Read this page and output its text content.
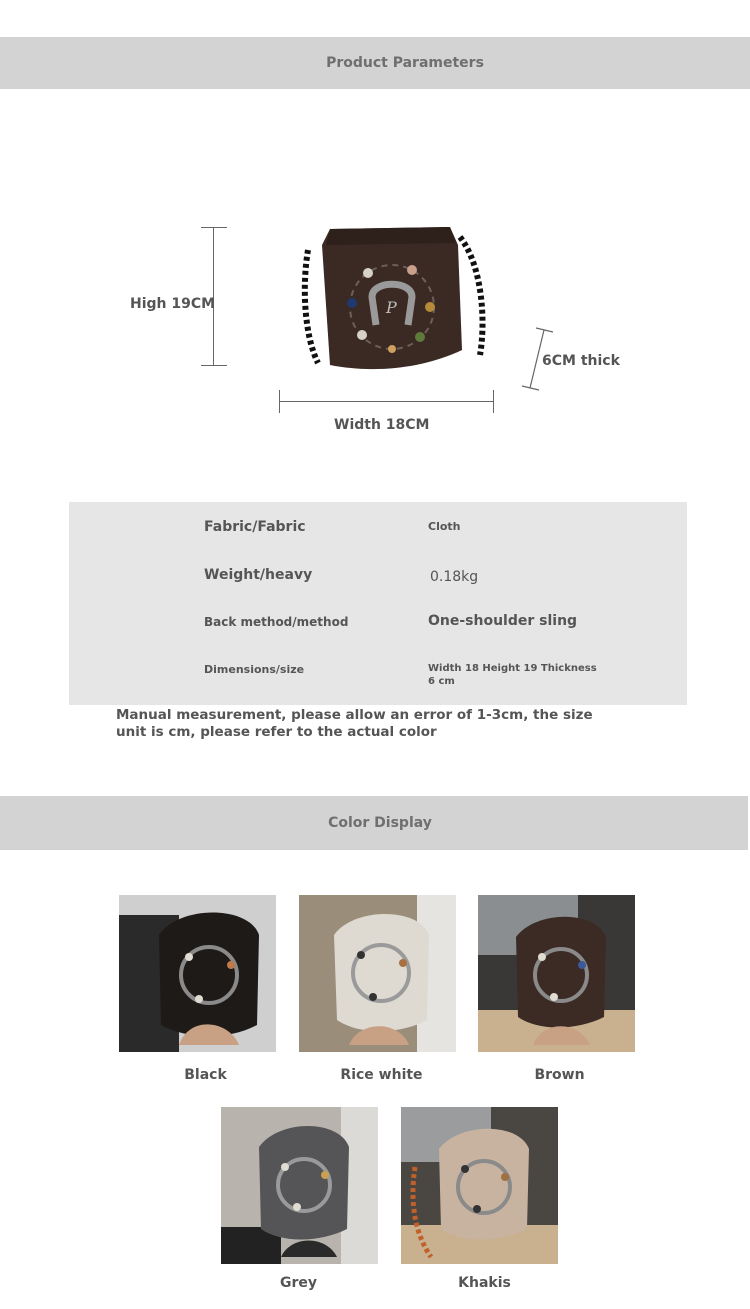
Product Parameters
High 19CM
Width 18CM
6CM thick
P
Fabric/Fabric	Cloth
Weight/heavy	0.18kg
Back method/method	One-shoulder sling
Dimensions/size	Width 18 Height 19 Thickness 6 cm
Manual measurement, please allow an error of 1-3cm, the size unit is cm, please refer to the actual color
Color Display
Black	Rice white	Brown
Grey	Khakis
